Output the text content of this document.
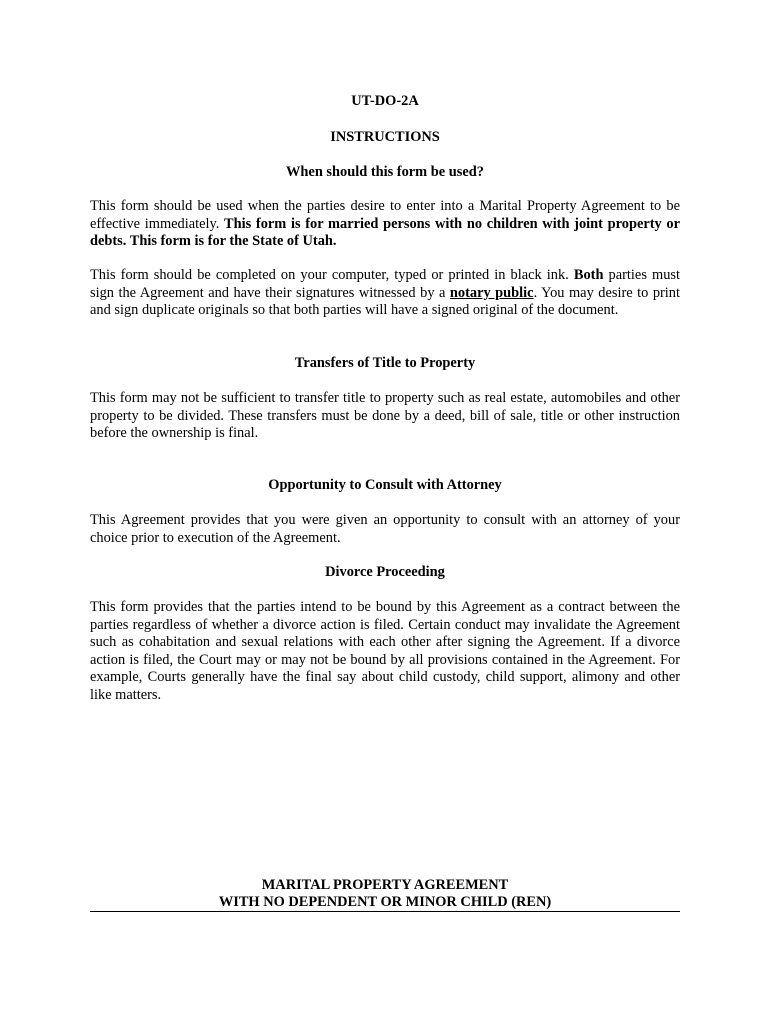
UT-DO-2A
INSTRUCTIONS
When should this form be used?

This form should be used when the parties desire to enter into a Marital Property Agreement to be effective immediately. This form is for married persons with no children with joint property or debts. This form is for the State of Utah.

This form should be completed on your computer, typed or printed in black ink. Both parties must sign the Agreement and have their signatures witnessed by a notary public. You may desire to print and sign duplicate originals so that both parties will have a signed original of the document.

Transfers of Title to Property

This form may not be sufficient to transfer title to property such as real estate, automobiles and other property to be divided. These transfers must be done by a deed, bill of sale, title or other instruction before the ownership is final.

Opportunity to Consult with Attorney

This Agreement provides that you were given an opportunity to consult with an attorney of your choice prior to execution of the Agreement.

Divorce Proceeding

This form provides that the parties intend to be bound by this Agreement as a contract between the parties regardless of whether a divorce action is filed. Certain conduct may invalidate the Agreement such as cohabitation and sexual relations with each other after signing the Agreement. If a divorce action is filed, the Court may or may not be bound by all provisions contained in the Agreement. For example, Courts generally have the final say about child custody, child support, alimony and other like matters.

MARITAL PROPERTY AGREEMENT
WITH NO DEPENDENT OR MINOR CHILD (REN)
